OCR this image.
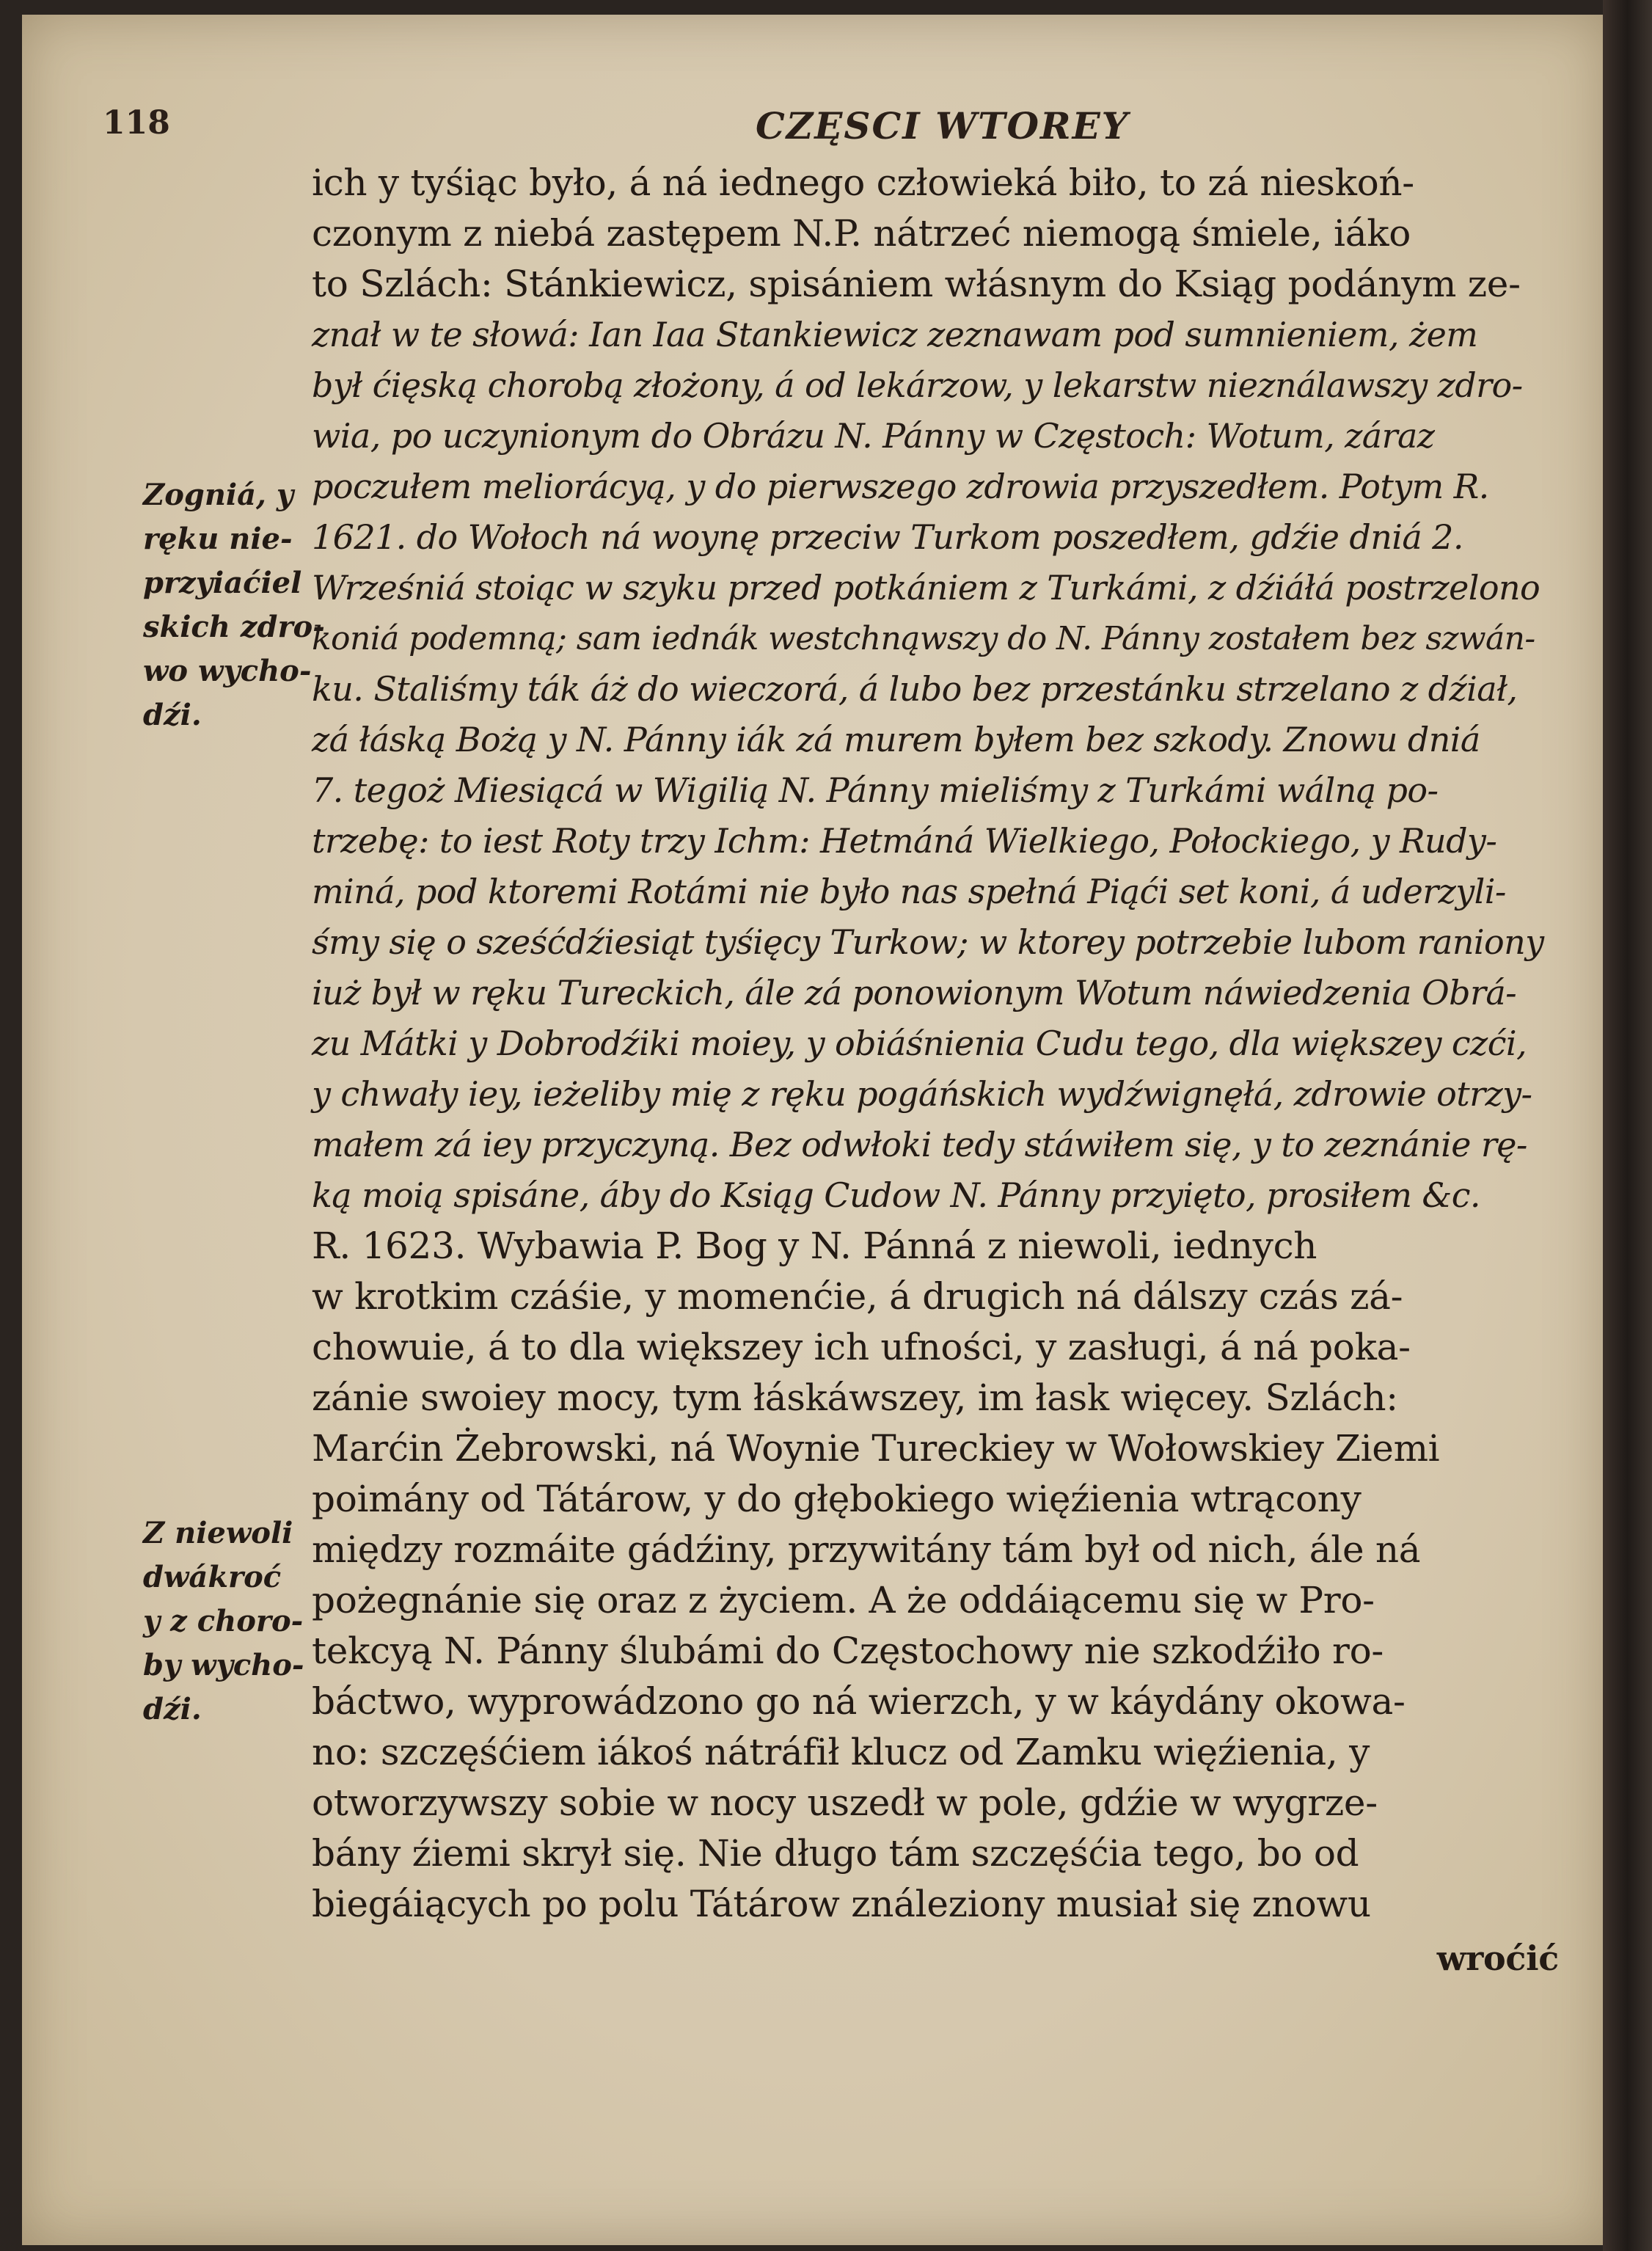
118	CZĘSCI WTOREY
Zogniá, y
ręku nie-
przyiaćiel
skich zdro-
wo wycho-
dźi.
Z niewoli
dwákroć
y z choro-
by wycho-
dźi.
ich y tyśiąc było, á ná iednego człowieká biło, to zá nieskoń-
czonym z niebá zastępem N.P. nátrzeć niemogą śmiele, iáko
to Szlách: Stánkiewicz, spisániem włásnym do Ksiąg podánym ze-
znał w te słowá: Ian Iaa Stankiewicz zeznawam pod sumnieniem, żem
był ćięską chorobą złożony, á od lekárzow, y lekarstw nieználawszy zdro-
wia, po uczynionym do Obrázu N. Pánny w Częstoch: Wotum, záraz
poczułem meliorácyą, y do pierwszego zdrowia przyszedłem. Potym R.
1621. do Wołoch ná woynę przeciw Turkom poszedłem, gdźie dniá 2.
Wrześniá stoiąc w szyku przed potkániem z Turkámi, z dźiáłá postrzelono
koniá podemną; sam iednák westchnąwszy do N. Pánny zostałem bez szwán-
ku. Staliśmy ták áż do wieczorá, á lubo bez przestánku strzelano z dźiał,
zá łáską Bożą y N. Pánny iák zá murem byłem bez szkody. Znowu dniá
7. tegoż Miesiącá w Wigilią N. Pánny mieliśmy z Turkámi wálną po-
trzebę: to iest Roty trzy Ichm: Hetmáná Wielkiego, Połockiego, y Rudy-
miná, pod ktoremi Rotámi nie było nas spełná Piąći set koni, á uderzyli-
śmy się o sześćdźiesiąt tyśięcy Turkow; w ktorey potrzebie lubom raniony
iuż był w ręku Tureckich, ále zá ponowionym Wotum náwiedzenia Obrá-
zu Mátki y Dobrodźiki moiey, y obiáśnienia Cudu tego, dla większey czći,
y chwały iey, ieżeliby mię z ręku pogáńskich wydźwignęłá, zdrowie otrzy-
małem zá iey przyczyną. Bez odwłoki tedy stáwiłem się, y to zeznánie rę-
ką moią spisáne, áby do Ksiąg Cudow N. Pánny przyięto, prosiłem &c.
R. 1623. Wybawia P. Bog y N. Pánná z niewoli, iednych
w krotkim czáśie, y momenćie, á drugich ná dálszy czás zá-
chowuie, á to dla większey ich ufności, y zasługi, á ná poka-
zánie swoiey mocy, tym łáskáwszey, im łask więcey. Szlách:
Marćin Żebrowski, ná Woynie Tureckiey w Wołowskiey Ziemi
poimány od Tátárow, y do głębokiego więźienia wtrącony
między rozmáite gádźiny, przywitány tám był od nich, ále ná
pożegnánie się oraz z życiem. A że oddáiącemu się w Pro-
tekcyą N. Pánny ślubámi do Częstochowy nie szkodźiło ro-
báctwo, wyprowádzono go ná wierzch, y w káydány okowa-
no: szczęśćiem iákoś nátráfił klucz od Zamku więźienia, y
otworzywszy sobie w nocy uszedł w pole, gdźie w wygrze-
bány źiemi skrył się. Nie długo tám szczęśćia tego, bo od
biegáiących po polu Tátárow ználeziony musiał się znowu
wroćić
